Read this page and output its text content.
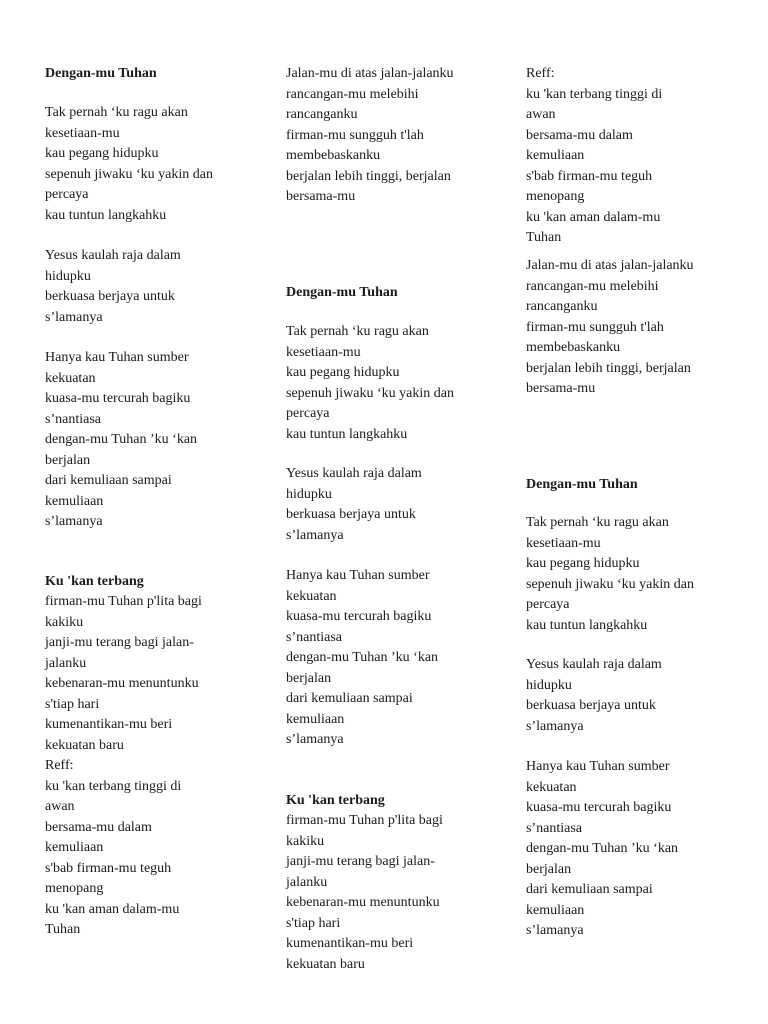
Dengan-mu Tuhan
Tak pernah ‘ku ragu akan
kesetiaan-mu
kau pegang hidupku
sepenuh jiwaku ‘ku yakin dan
percaya
kau tuntun langkahku
Yesus kaulah raja dalam
hidupku
berkuasa berjaya untuk
s’lamanya
Hanya kau Tuhan sumber
kekuatan
kuasa-mu tercurah bagiku
s’nantiasa
dengan-mu Tuhan ’ku ‘kan
berjalan
dari kemuliaan sampai
kemuliaan
s’lamanya
Ku 'kan terbang
firman-mu Tuhan p'lita bagi
kakiku
janji-mu terang bagi jalan-
jalanku
kebenaran-mu menuntunku
s'tiap hari
kumenantikan-mu beri
kekuatan baru
Reff:
ku 'kan terbang tinggi di
awan
bersama-mu dalam
kemuliaan
s'bab firman-mu teguh
menopang
ku 'kan aman dalam-mu
Tuhan
Jalan-mu di atas jalan-jalanku
rancangan-mu melebihi
rancanganku
firman-mu sungguh t'lah
membebaskanku
berjalan lebih tinggi, berjalan
bersama-mu
Dengan-mu Tuhan
Tak pernah ‘ku ragu akan
kesetiaan-mu
kau pegang hidupku
sepenuh jiwaku ‘ku yakin dan
percaya
kau tuntun langkahku
Yesus kaulah raja dalam
hidupku
berkuasa berjaya untuk
s’lamanya
Hanya kau Tuhan sumber
kekuatan
kuasa-mu tercurah bagiku
s’nantiasa
dengan-mu Tuhan ’ku ‘kan
berjalan
dari kemuliaan sampai
kemuliaan
s’lamanya
Ku 'kan terbang
firman-mu Tuhan p'lita bagi
kakiku
janji-mu terang bagi jalan-
jalanku
kebenaran-mu menuntunku
s'tiap hari
kumenantikan-mu beri
kekuatan baru
Reff:
ku 'kan terbang tinggi di
awan
bersama-mu dalam
kemuliaan
s'bab firman-mu teguh
menopang
ku 'kan aman dalam-mu
Tuhan
Jalan-mu di atas jalan-jalanku
rancangan-mu melebihi
rancanganku
firman-mu sungguh t'lah
membebaskanku
berjalan lebih tinggi, berjalan
bersama-mu
Dengan-mu Tuhan
Tak pernah ‘ku ragu akan
kesetiaan-mu
kau pegang hidupku
sepenuh jiwaku ‘ku yakin dan
percaya
kau tuntun langkahku
Yesus kaulah raja dalam
hidupku
berkuasa berjaya untuk
s’lamanya
Hanya kau Tuhan sumber
kekuatan
kuasa-mu tercurah bagiku
s’nantiasa
dengan-mu Tuhan ’ku ‘kan
berjalan
dari kemuliaan sampai
kemuliaan
s’lamanya
